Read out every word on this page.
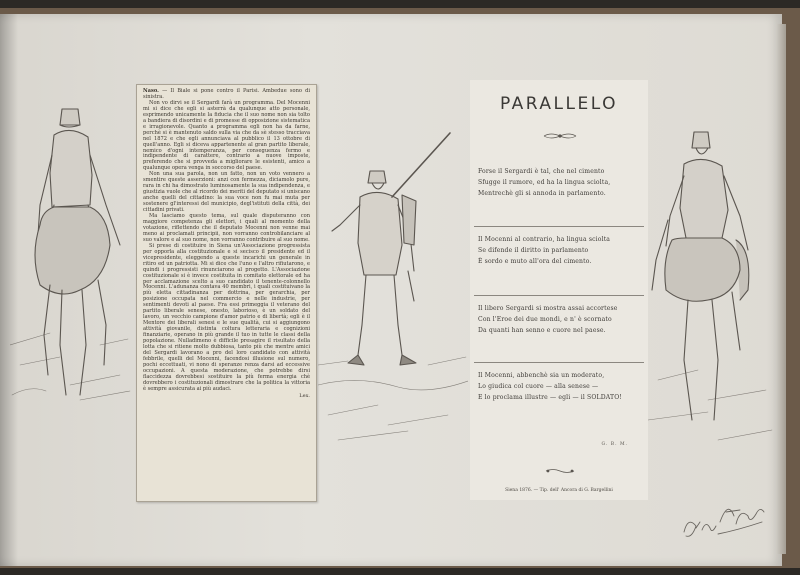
Naso. — Il Biale si pone contro il Parisi. Ambedue sono di sinistra.

Non vo dirvi se il Sergardi farà un programma. Del Mocenni mi si dice che egli si asterrà da qualunque atto personale, esprimendo unicamente la fiducia che il suo nome non sia tolto a bandiera di disordini e di promesse di opposizione sistematica e irragionevole. Quanto a programma egli non ha da farne, perchè si è mantenuto saldo sulla via che da sè stesso tracciava nel 1872 e che egli annunciava al pubblico il 13 ottobre di quell'anno. Egli si diceva appartenente al gran partito liberale, nemico d'ogni intemperanza, per conseguenza fermo e indipendente di carattere, contrario a nuove imposte, preferendo che si provveda a migliorare le esistenti, amico a qualunque opera venga in soccorso del paese.

Non una sua parola, non un fatto, non un voto vennero a smentire queste asserzioni: anzi con fermezza, diciamolo pure, rara in chi ha dimostrato luminosamente la sua indipendenza, e giustizia vuole che al ricordo dei meriti del deputato si uniscano anche quelli del cittadino: la sua voce non fu mai muta per sostenere gl'interessi del municipio, degl'istituti della città, dei cittadini privati.

Ma lasciamo questo tema, sul quale disputeranno con maggiore competenza gli elettori, i quali al momento della votazione, riflettendo che il deputato Mocenni non venne mai meno ai proclamati principii, non vorranno controbilanciare al suo valore e al suo nome, non vorranno contribuire al suo nome.

Si prese di costituire in Siena un'Associazione progressista per opporla alla costituzionale e si secisco il presidente ed il vicepresidente, eleggendo a queste incarichi un generale in ritiro ed un patriotta. Mi si dice che l'uno e l'altro rifiutarono, e quindi i progressisti rinunciarono al progetto. L'Associazione costituzionale si è invece costituita in comitato elettorale ed ha per acclamazione scelto a suo candidato il tenente-colonnello Mocenni. L'adunanza contava 40 membri, i quali costituivano la più eletta cittadinanza per dottrina, per gerarchia, per posizione occupata nel commercio e nelle industrie, per sentimenti devoti al paese. Fra essi primeggia il veterano del partito liberale senese, onesto, laborioso, è un soldato del lavoro, un vecchio campione d'amor patrio e di libertà; egli è il Mentore dei liberali senesi e le sue qualità, cui si aggiungono attività giovanile, distinta coltura letteraria e cognizioni finanziarie, operano in più grande il tuo in tutte le classi della popolazione. Nulladimeno è difficile presagire il risultato della lotta che si ritiene molto dubbiosa, tanto più che mentre amici del Sergardi lavorano a pro del loro candidato con attività febbrile, quelli del Mocenni, facendosi illusione sul numero, pochi eccettuati, vi nono di speranze renza darsi ad eccessive occupazioni. A questa moderazione, che potrebbe dirsi flaccidezza dovrebbesi sostituire la più ferma energia chè dovrebbero i costituzionali dimostrare che la politica la vittoria è sempre assicurata ai più audaci.

Lex.
PARALLELO
Forse il Sergardi è tal, che nel cimento
Sfugge il rumore, ed ha la lingua sciolta,
Mentrechè gli si annoda in parlamento.
Il Mocenni al contrario, ha lingua sciolta
Se difende il diritto in parlamento
È sordo e muto all'ora del cimento.
Il libero Sergardi si mostra assai accortese
Con l'Eroe dei due mondi, e n' è scornato
Da quanti han senno e cuore nel paese.
Il Mocenni, abbenchè sia un moderato,
Lo giudica col cuore — alla senese —
E lo proclama illustre — egli — il SOLDATO!
G. B. M.
Siena 1876. — Tip. dell' Ancora di G. Bargellini
